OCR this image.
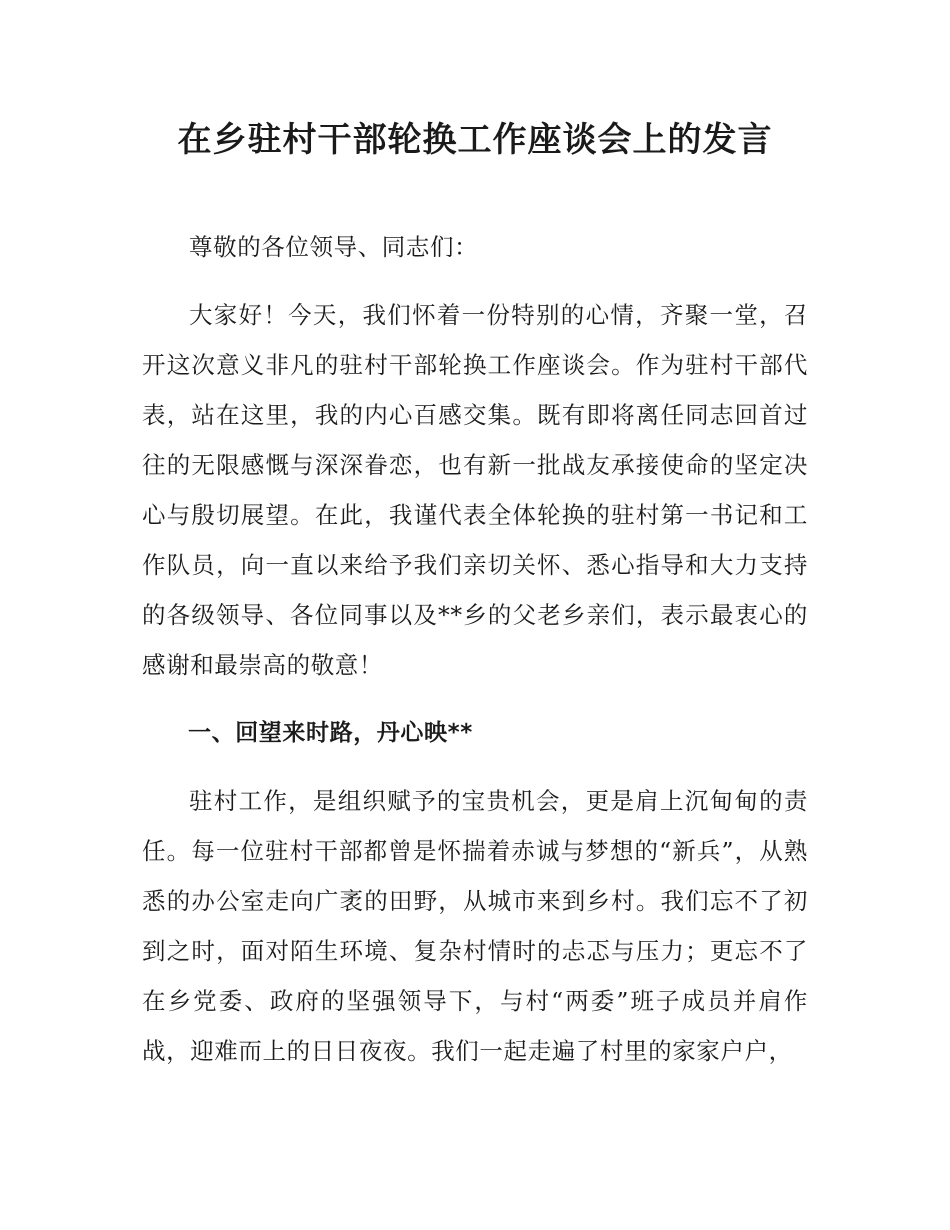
在乡驻村干部轮换工作座谈会上的发言

尊敬的各位领导、同志们：

大家好！今天，我们怀着一份特别的心情，齐聚一堂，召开这次意义非凡的驻村干部轮换工作座谈会。作为驻村干部代表，站在这里，我的内心百感交集。既有即将离任同志回首过往的无限感慨与深深眷恋，也有新一批战友承接使命的坚定决心与殷切展望。在此，我谨代表全体轮换的驻村第一书记和工作队员，向一直以来给予我们亲切关怀、悉心指导和大力支持的各级领导、各位同事以及**乡的父老乡亲们，表示最衷心的感谢和最崇高的敬意！

一、回望来时路，丹心映**

驻村工作，是组织赋予的宝贵机会，更是肩上沉甸甸的责任。每一位驻村干部都曾是怀揣着赤诚与梦想的“新兵”，从熟悉的办公室走向广袤的田野，从城市来到乡村。我们忘不了初到之时，面对陌生环境、复杂村情时的忐忑与压力；更忘不了在乡党委、政府的坚强领导下，与村“两委”班子成员并肩作战，迎难而上的日日夜夜。我们一起走遍了村里的家家户户，
